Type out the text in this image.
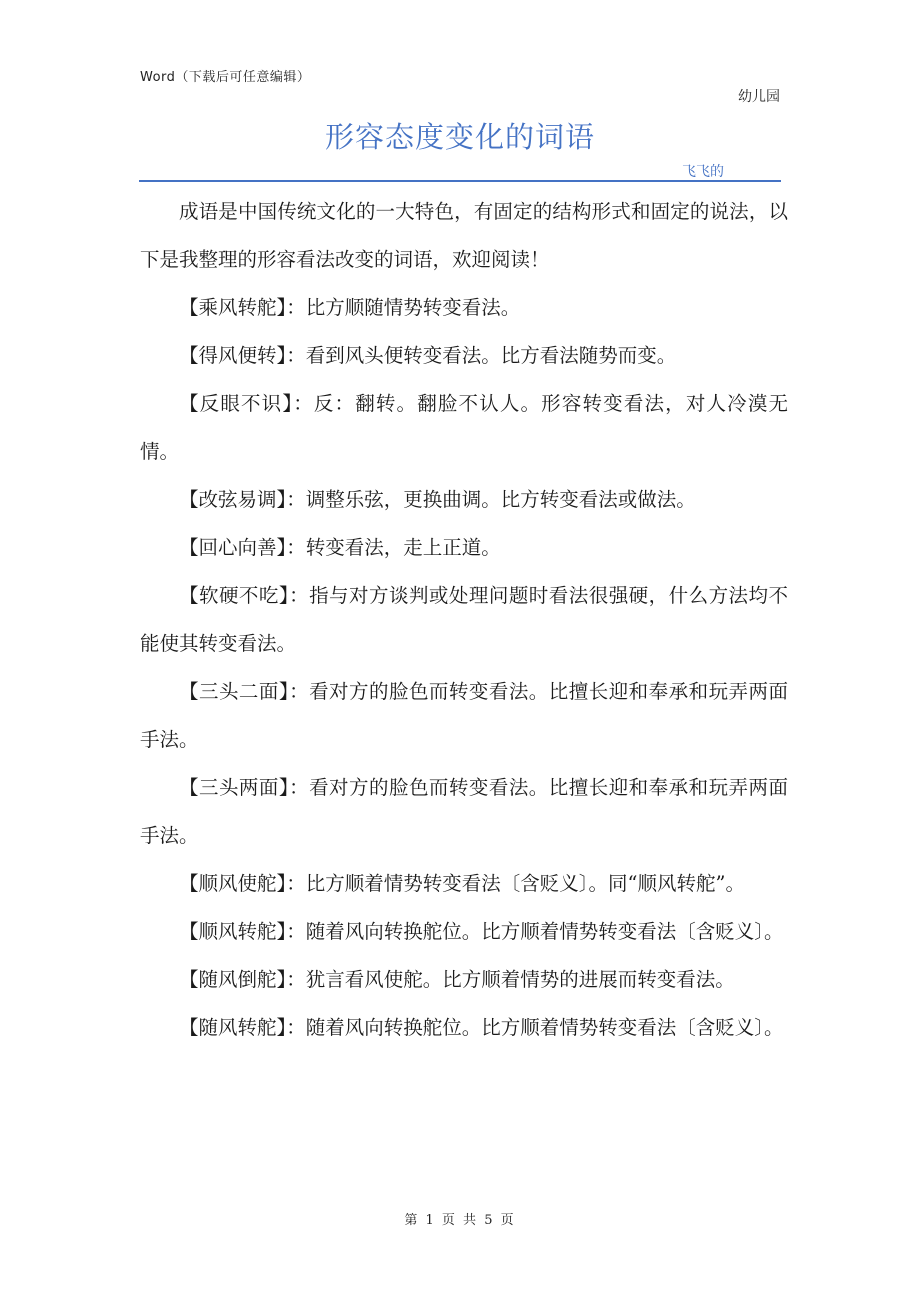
Word（下载后可任意编辑）
幼儿园
形容态度变化的词语
飞飞的

成语是中国传统文化的一大特色，有固定的结构形式和固定的说法，以下是我整理的形容看法改变的词语，欢迎阅读！

【乘风转舵】：比方顺随情势转变看法。

【得风便转】：看到风头便转变看法。比方看法随势而变。

【反眼不识】：反：翻转。翻脸不认人。形容转变看法，对人冷漠无情。

【改弦易调】：调整乐弦，更换曲调。比方转变看法或做法。

【回心向善】：转变看法，走上正道。

【软硬不吃】：指与对方谈判或处理问题时看法很强硬，什么方法均不能使其转变看法。

【三头二面】：看对方的脸色而转变看法。比擅长迎和奉承和玩弄两面手法。

【三头两面】：看对方的脸色而转变看法。比擅长迎和奉承和玩弄两面手法。

【顺风使舵】：比方顺着情势转变看法〔含贬义〕。同“顺风转舵”。

【顺风转舵】：随着风向转换舵位。比方顺着情势转变看法〔含贬义〕。

【随风倒舵】：犹言看风使舵。比方顺着情势的进展而转变看法。

【随风转舵】：随着风向转换舵位。比方顺着情势转变看法〔含贬义〕。

第 1 页 共 5 页
